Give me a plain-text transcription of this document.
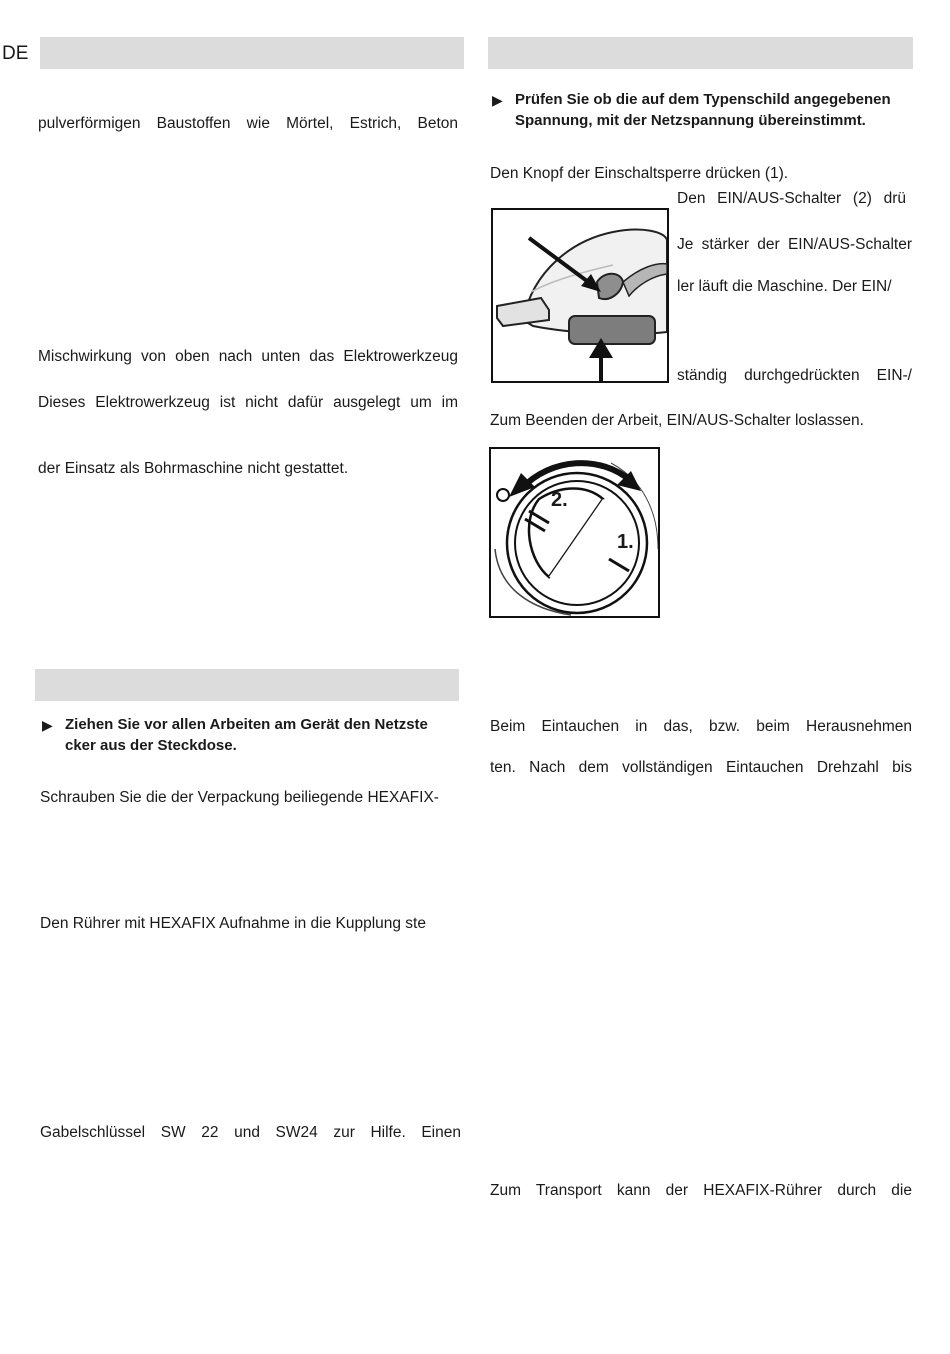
DE
pulverförmigen Baustoffen wie Mörtel, Estrich, Beton
Mischwirkung von oben nach unten das Elektrowerkzeug
Dieses Elektrowerkzeug ist nicht dafür ausgelegt um im
der Einsatz als Bohrmaschine nicht gestattet.
▶ Ziehen Sie vor allen Arbeiten am Gerät den Netzste
cker aus der Steckdose.
Schrauben Sie die der Verpackung beiliegende HEXAFIX-
Den Rührer mit HEXAFIX Aufnahme in die Kupplung ste
Gabelschlüssel SW 22 und SW24 zur Hilfe. Einen
▶ Prüfen Sie ob die auf dem Typenschild angegebenen
Spannung, mit der Netzspannung übereinstimmt.
Den Knopf der Einschaltsperre drücken (1).
Den EIN/AUS-Schalter (2) drü
Je stärker der EIN/AUS-Schalter
ler läuft die Maschine. Der EIN/
ständig durchgedrückten EIN-/
Zum Beenden der Arbeit, EIN/AUS-Schalter loslassen.
2.
1.
Beim Eintauchen in das, bzw. beim Herausnehmen
ten. Nach dem vollständigen Eintauchen Drehzahl bis
Zum Transport kann der HEXAFIX-Rührer durch die
